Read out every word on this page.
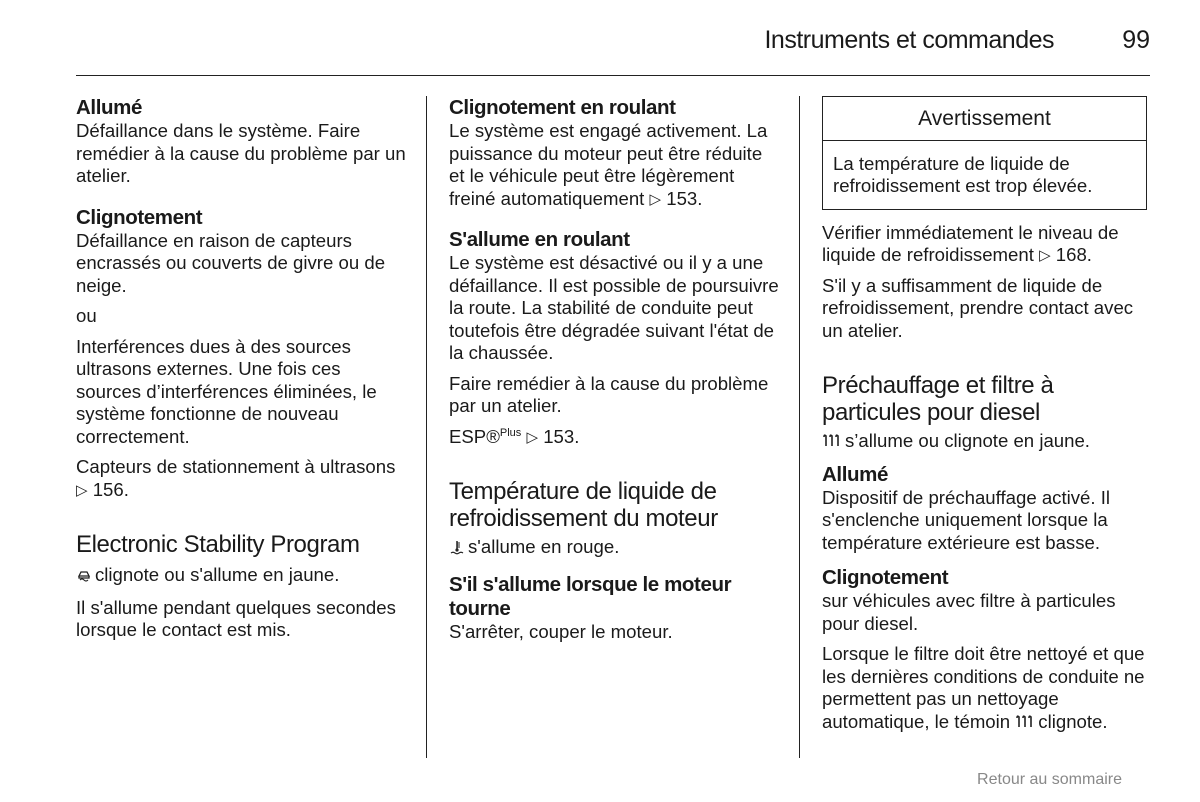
Instruments et commandes	99
Allumé

Défaillance dans le système. Faire remédier à la cause du problème par un atelier.

Clignotement

Défaillance en raison de capteurs encrassés ou couverts de givre ou de neige.

ou

Interférences dues à des sources ultrasons externes. Une fois ces sources d’interférences éliminées, le système fonctionne de nouveau correctement.

Capteurs de stationnement à ultrasons ▷ 156.

Electronic Stability Program

clignote ou s'allume en jaune.

Il s'allume pendant quelques secondes lorsque le contact est mis.

Clignotement en roulant

Le système est engagé activement. La puissance du moteur peut être réduite et le véhicule peut être légèrement freiné automatiquement ▷ 153.

S'allume en roulant

Le système est désactivé ou il y a une défaillance. Il est possible de poursuivre la route. La stabilité de conduite peut toutefois être dégradée suivant l'état de la chaussée.

Faire remédier à la cause du problème par un atelier.

ESP®$^{Plus}$ ▷ 153.

Température de liquide de refroidissement du moteur

s'allume en rouge.

S'il s'allume lorsque le moteur tourne

S'arrêter, couper le moteur.

Avertissement
La température de liquide de refroidissement est trop élevée.

Vérifier immédiatement le niveau de liquide de refroidissement ▷ 168.

S'il y a suffisamment de liquide de refroidissement, prendre contact avec un atelier.

Préchauffage et filtre à particules pour diesel

s’allume ou clignote en jaune.

Allumé

Dispositif de préchauffage activé. Il s'enclenche uniquement lorsque la température extérieure est basse.

Clignotement

sur véhicules avec filtre à particules pour diesel.

Lorsque le filtre doit être nettoyé et que les dernières conditions de conduite ne permettent pas un nettoyage automatique, le témoin clignote.

Retour au sommaire
